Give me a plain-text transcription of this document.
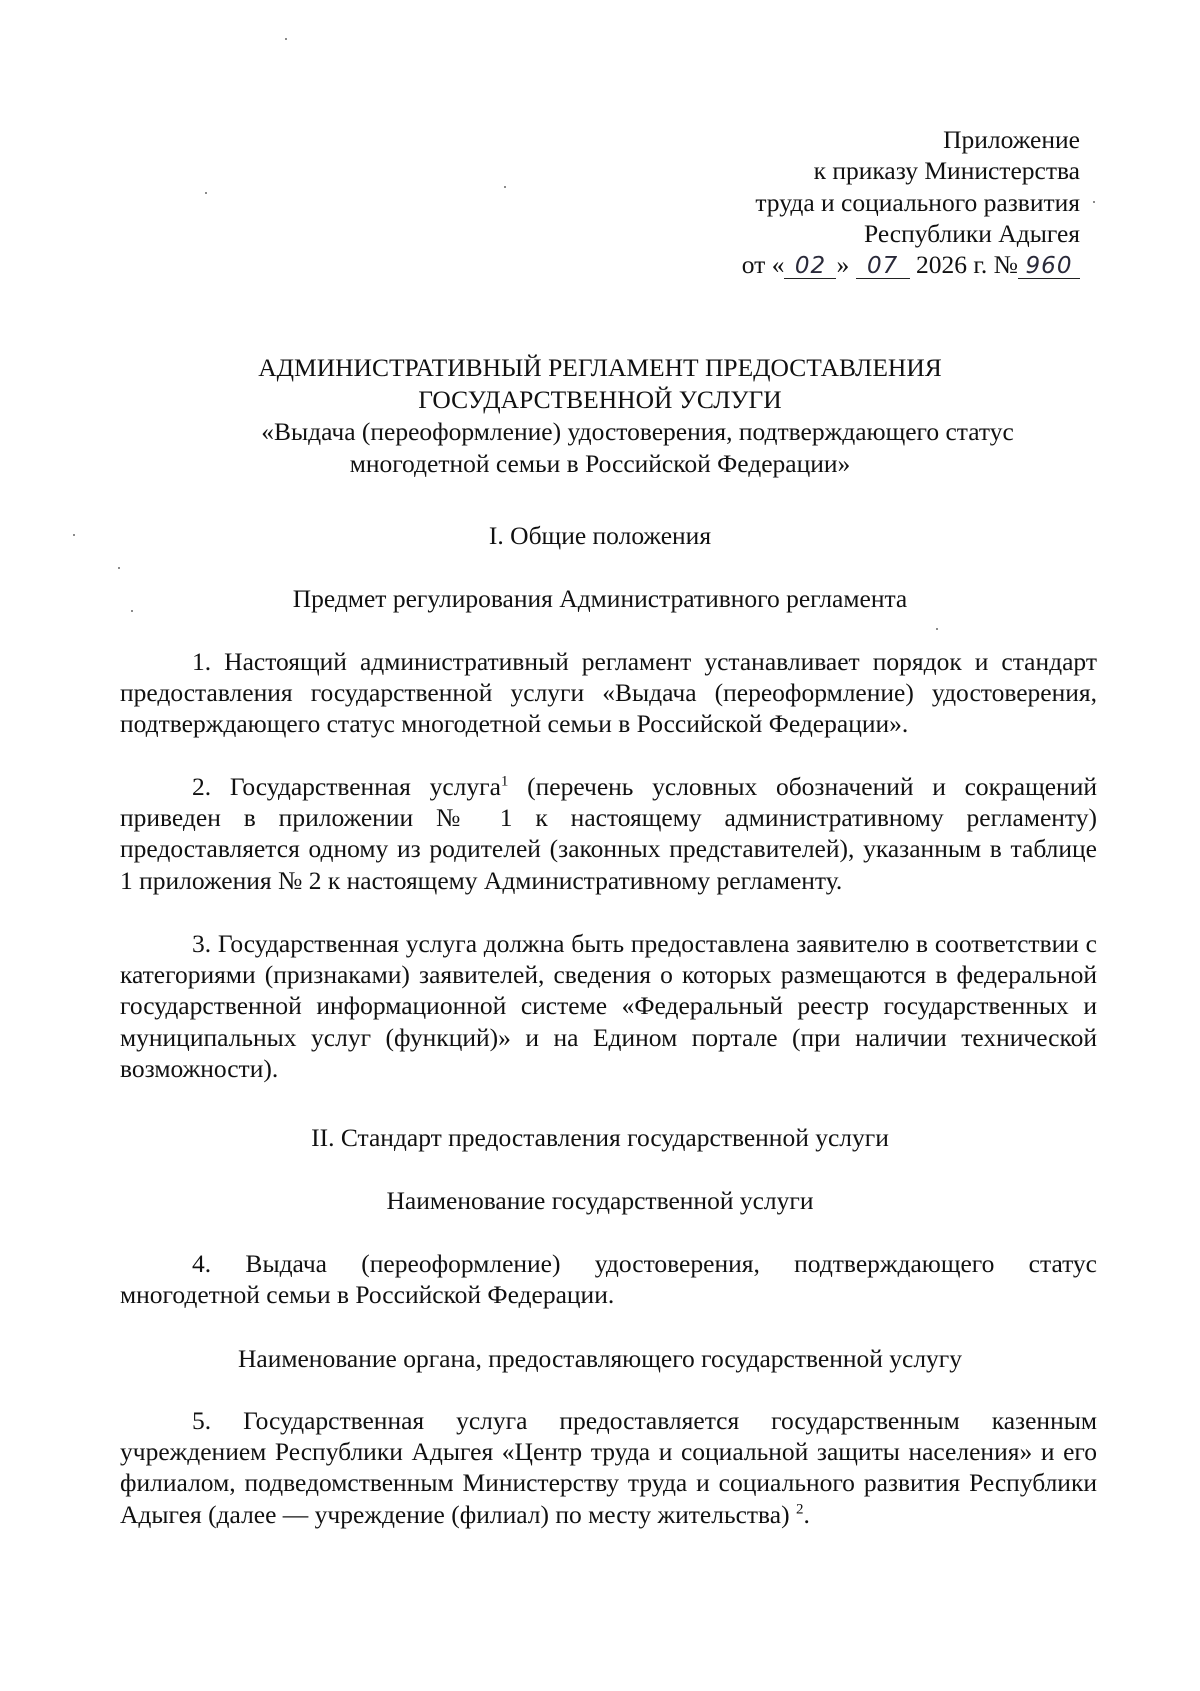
Приложение
к приказу Министерства
труда и социального развития
Республики Адыгея
от « 02 » 07 2026 г. № 960
АДМИНИСТРАТИВНЫЙ РЕГЛАМЕНТ ПРЕДОСТАВЛЕНИЯ
ГОСУДАРСТВЕННОЙ УСЛУГИ
«Выдача (переоформление) удостоверения, подтверждающего статус
многодетной семьи в Российской Федерации»
I. Общие положения
Предмет регулирования Административного регламента
1. Настоящий административный регламент устанавливает порядок и стандарт предоставления государственной услуги «Выдача (переоформление) удостоверения, подтверждающего статус многодетной семьи в Российской Федерации».
2. Государственная услуга$^1$ (перечень условных обозначений и сокращений приведен в приложении № 1 к настоящему административному регламенту) предоставляется одному из родителей (законных представителей), указанным в таблице 1 приложения № 2 к настоящему Административному регламенту.
3. Государственная услуга должна быть предоставлена заявителю в соответствии с категориями (признаками) заявителей, сведения о которых размещаются в федеральной государственной информационной системе «Федеральный реестр государственных и муниципальных услуг (функций)» и на Едином портале (при наличии технической возможности).
II. Стандарт предоставления государственной услуги
Наименование государственной услуги
4. Выдача (переоформление) удостоверения, подтверждающего статус многодетной семьи в Российской Федерации.
Наименование органа, предоставляющего государственной услугу
5. Государственная услуга предоставляется государственным казенным учреждением Республики Адыгея «Центр труда и социальной защиты населения» и его филиалом, подведомственным Министерству труда и социального развития Республики Адыгея (далее — учреждение (филиал) по месту жительства) $^2$.
